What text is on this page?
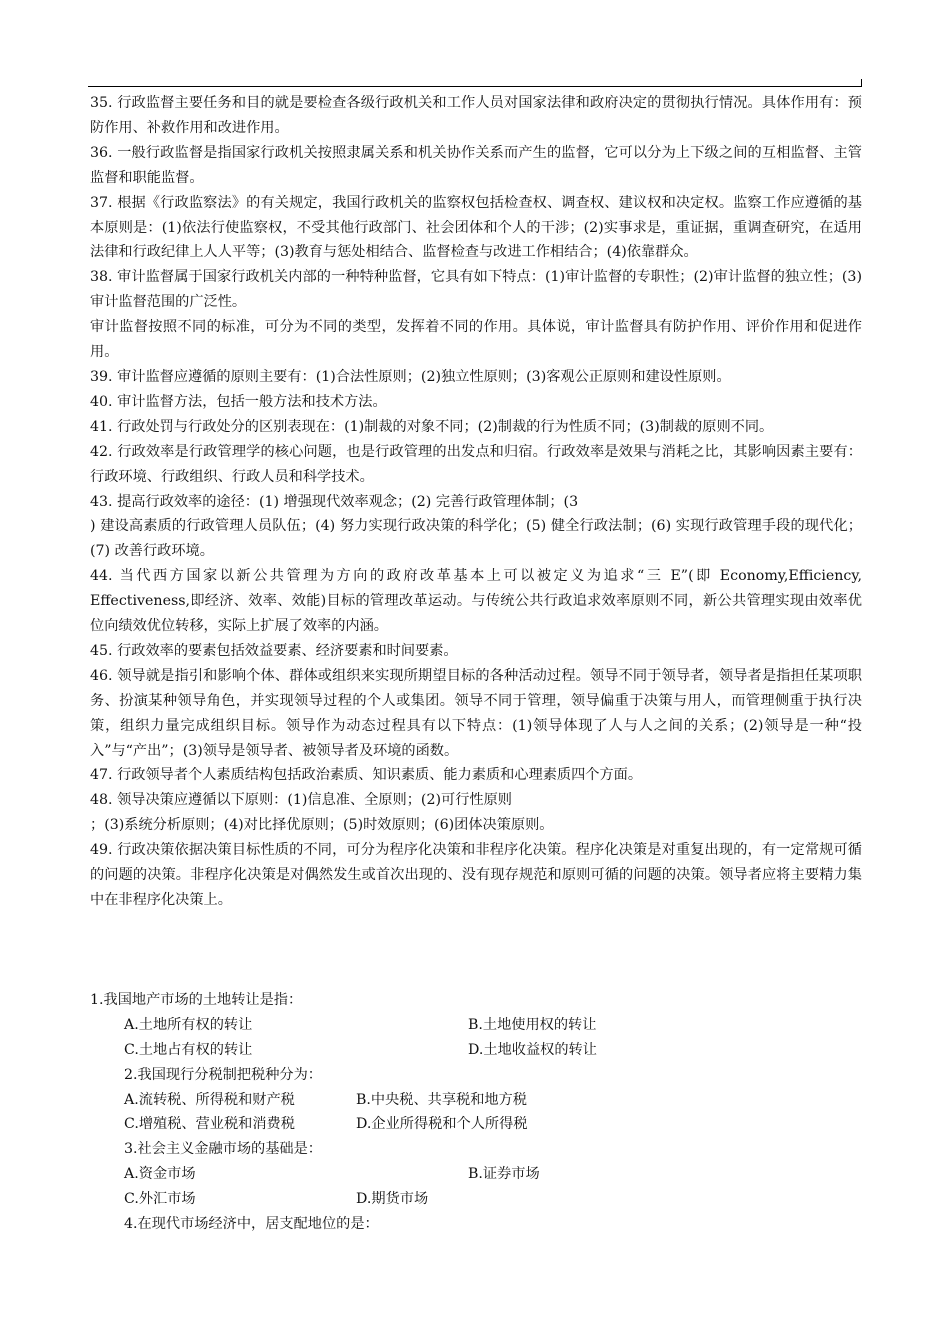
35. 行政监督主要任务和目的就是要检查各级行政机关和工作人员对国家法律和政府决定的贯彻执行情况。具体作用有：预防作用、补救作用和改进作用。

36. 一般行政监督是指国家行政机关按照隶属关系和机关协作关系而产生的监督，它可以分为上下级之间的互相监督、主管监督和职能监督。

37. 根据《行政监察法》的有关规定，我国行政机关的监察权包括检查权、调查权、建议权和决定权。监察工作应遵循的基本原则是：(1)依法行使监察权，不受其他行政部门、社会团体和个人的干涉；(2)实事求是，重证据，重调查研究，在适用法律和行政纪律上人人平等；(3)教育与惩处相结合、监督检查与改进工作相结合；(4)依靠群众。

38. 审计监督属于国家行政机关内部的一种特种监督，它具有如下特点：(1)审计监督的专职性；(2)审计监督的独立性；(3)审计监督范围的广泛性。

审计监督按照不同的标准，可分为不同的类型，发挥着不同的作用。具体说，审计监督具有防护作用、评价作用和促进作用。

39. 审计监督应遵循的原则主要有：(1)合法性原则；(2)独立性原则；(3)客观公正原则和建设性原则。

40. 审计监督方法，包括一般方法和技术方法。

41. 行政处罚与行政处分的区别表现在：(1)制裁的对象不同；(2)制裁的行为性质不同；(3)制裁的原则不同。

42. 行政效率是行政管理学的核心问题，也是行政管理的出发点和归宿。行政效率是效果与消耗之比，其影响因素主要有：行政环境、行政组织、行政人员和科学技术。

43. 提高行政效率的途径：(1) 增强现代效率观念；(2) 完善行政管理体制；(3

) 建设高素质的行政管理人员队伍；(4) 努力实现行政决策的科学化；(5) 健全行政法制；(6) 实现行政管理手段的现代化；(7) 改善行政环境。

44. 当代西方国家以新公共管理为方向的政府改革基本上可以被定义为追求“三 E”(即 Economy,Efficiency, Effectiveness,即经济、效率、效能)目标的管理改革运动。与传统公共行政追求效率原则不同，新公共管理实现由效率优位向绩效优位转移，实际上扩展了效率的内涵。

45. 行政效率的要素包括效益要素、经济要素和时间要素。

46. 领导就是指引和影响个体、群体或组织来实现所期望目标的各种活动过程。领导不同于领导者，领导者是指担任某项职务、扮演某种领导角色，并实现领导过程的个人或集团。领导不同于管理，领导偏重于决策与用人，而管理侧重于执行决策，组织力量完成组织目标。领导作为动态过程具有以下特点：(1)领导体现了人与人之间的关系；(2)领导是一种“投入”与“产出”；(3)领导是领导者、被领导者及环境的函数。

47. 行政领导者个人素质结构包括政治素质、知识素质、能力素质和心理素质四个方面。

48. 领导决策应遵循以下原则：(1)信息准、全原则；(2)可行性原则

；(3)系统分析原则；(4)对比择优原则；(5)时效原则；(6)团体决策原则。

49. 行政决策依据决策目标性质的不同，可分为程序化决策和非程序化决策。程序化决策是对重复出现的，有一定常规可循的问题的决策。非程序化决策是对偶然发生或首次出现的、没有现存规范和原则可循的问题的决策。领导者应将主要精力集中在非程序化决策上。

1.我国地产市场的土地转让是指：

A.土地所有权的转让	B.土地使用权的转让
C.土地占有权的转让	D.土地收益权的转让

2.我国现行分税制把税种分为：

A.流转税、所得税和财产税	B.中央税、共享税和地方税
C.增殖税、营业税和消费税	D.企业所得税和个人所得税

3.社会主义金融市场的基础是：

A.资金市场	B.证券市场
C.外汇市场	D.期货市场

4.在现代市场经济中，居支配地位的是：
